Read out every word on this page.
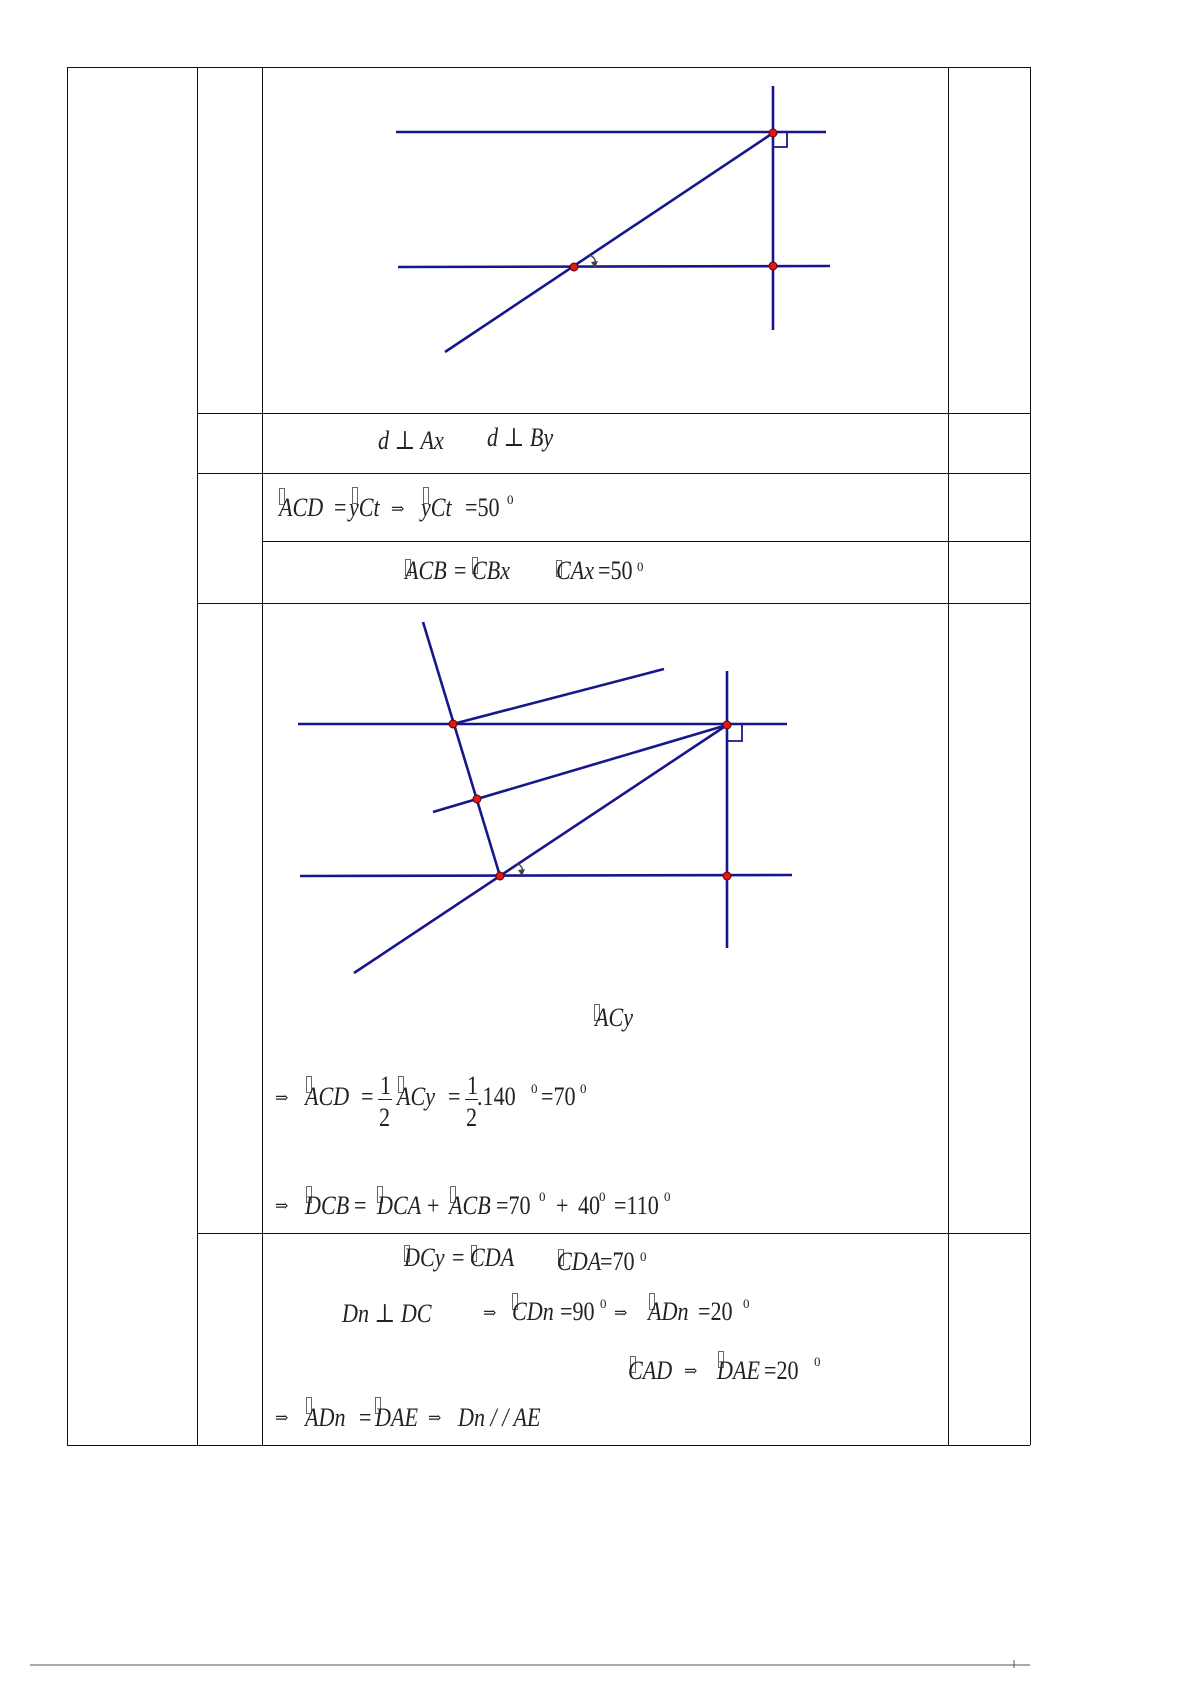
d ⊥ Ax d ⊥ By
ACD = yCt ⇒ yCt =50 0
ACB = CBx CAx =50 0
ACy
⇒ ACD = 1
2
ACy = 1
2
.140 0 =70 0
⇒ DCB = DCA + ACB =70 0 + 40
0 =110 0
DCy = CDA CDA
=70 0
Dn ⊥ DC	⇒ CDn =90 0 ⇒ ADn =20 0
CAD ⇒ DAE =20 0
⇒ ADn = DAE ⇒ Dn / / AE
